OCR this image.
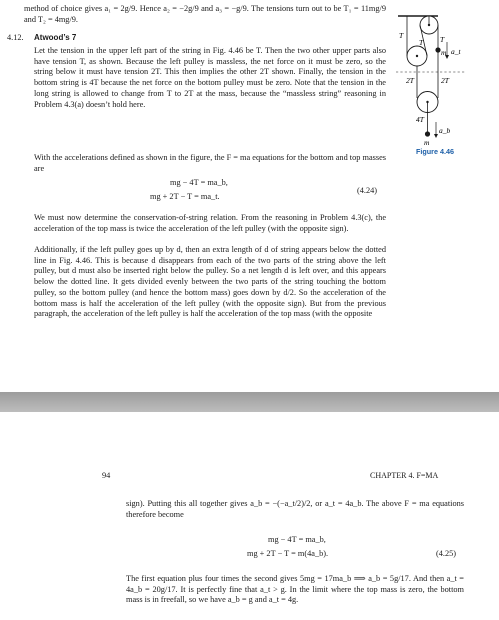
method of choice gives a₁ = 2g/9. Hence a₂ = −2g/9 and a₃ = −g/9. The tensions turn out to be T₁ = 11mg/9 and T₂ = 4mg/9.

4.12. Atwood’s 7

Let the tension in the upper left part of the string in Fig. 4.46 be T. Then the two other upper parts also have tension T, as shown. Because the left pulley is massless, the net force on it must be zero, so the string below it must have tension 2T. This then implies the other 2T shown. Finally, the tension in the bottom string is 4T because the net force on the bottom pulley must be zero. Note that the tension in the long string is allowed to change from T to 2T at the mass, because the “massless string” reasoning in Problem 4.3(a) doesn’t hold here.

With the accelerations defined as shown in the figure, the F = ma equations for the bottom and top masses are

mg − 4T = ma_b,
mg + 2T − T = ma_t.
(4.24)

We must now determine the conservation-of-string relation. From the reasoning in Problem 4.3(c), the acceleration of the top mass is twice the acceleration of the left pulley (with the opposite sign).

Additionally, if the left pulley goes up by d, then an extra length of d of string appears below the dotted line in Fig. 4.46. This is because d disappears from each of the two parts of the string above the left pulley, but d must also be inserted right below the pulley. So a net length d is left over, and this appears below the dotted line. It gets divided evenly between the two parts of the string touching the bottom pulley, so the bottom pulley (and hence the bottom mass) goes down by d/2. So the acceleration of the bottom mass is half the acceleration of the left pulley (with the opposite sign). But from the previous paragraph, the acceleration of the left pulley is half the acceleration of the top mass (with the opposite

T
T T
m a_t
2T	2T
4T
m
a_b
Figure 4.46
94	CHAPTER 4. F=MA

sign). Putting this all together gives a_b = −(−a_t/2)/2, or a_t = 4a_b. The above F = ma equations therefore become

mg − 4T = ma_b,
mg + 2T − T = m(4a_b).	(4.25)

The first equation plus four times the second gives 5mg = 17ma_b ⟹ a_b = 5g/17. And then a_t = 4a_b = 20g/17. It is perfectly fine that a_t > g. In the limit where the top mass is zero, the bottom mass is in freefall, so we have a_b = g and a_t = 4g.
